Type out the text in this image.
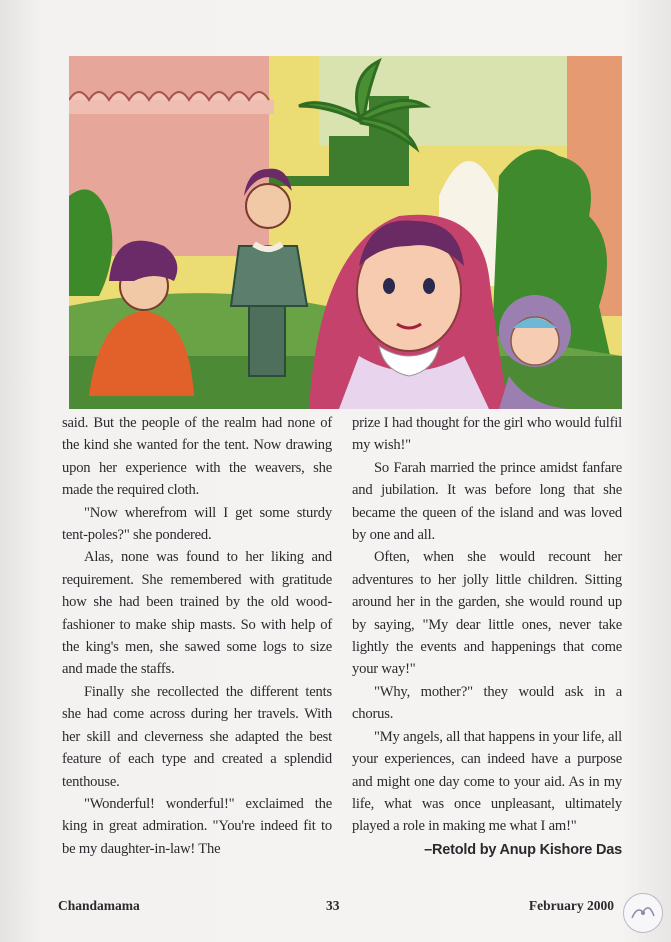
said. But the people of the realm had none of the kind she wanted for the tent. Now drawing upon her experience with the weavers, she made the required cloth.

"Now wherefrom will I get some sturdy tent-poles?" she pondered.

Alas, none was found to her liking and requirement. She remembered with gratitude how she had been trained by the old wood-fashioner to make ship masts. So with help of the king's men, she sawed some logs to size and made the staffs.

Finally she recollected the different tents she had come across during her travels. With her skill and cleverness she adapted the best feature of each type and created a splendid tenthouse.

"Wonderful! wonderful!" exclaimed the king in great admiration. "You're indeed fit to be my daughter-in-law! The

prize I had thought for the girl who would fulfil my wish!"

So Farah married the prince amidst fanfare and jubilation. It was before long that she became the queen of the island and was loved by one and all.

Often, when she would recount her adventures to her jolly little children. Sitting around her in the garden, she would round up by saying, "My dear little ones, never take lightly the events and happenings that come your way!"

"Why, mother?" they would ask in a chorus.

"My angels, all that happens in your life, all your experiences, can indeed have a purpose and might one day come to your aid. As in my life, what was once unpleasant, ultimately played a role in making me what I am!"

–Retold by Anup Kishore Das

Chandamama	33	February 2000
